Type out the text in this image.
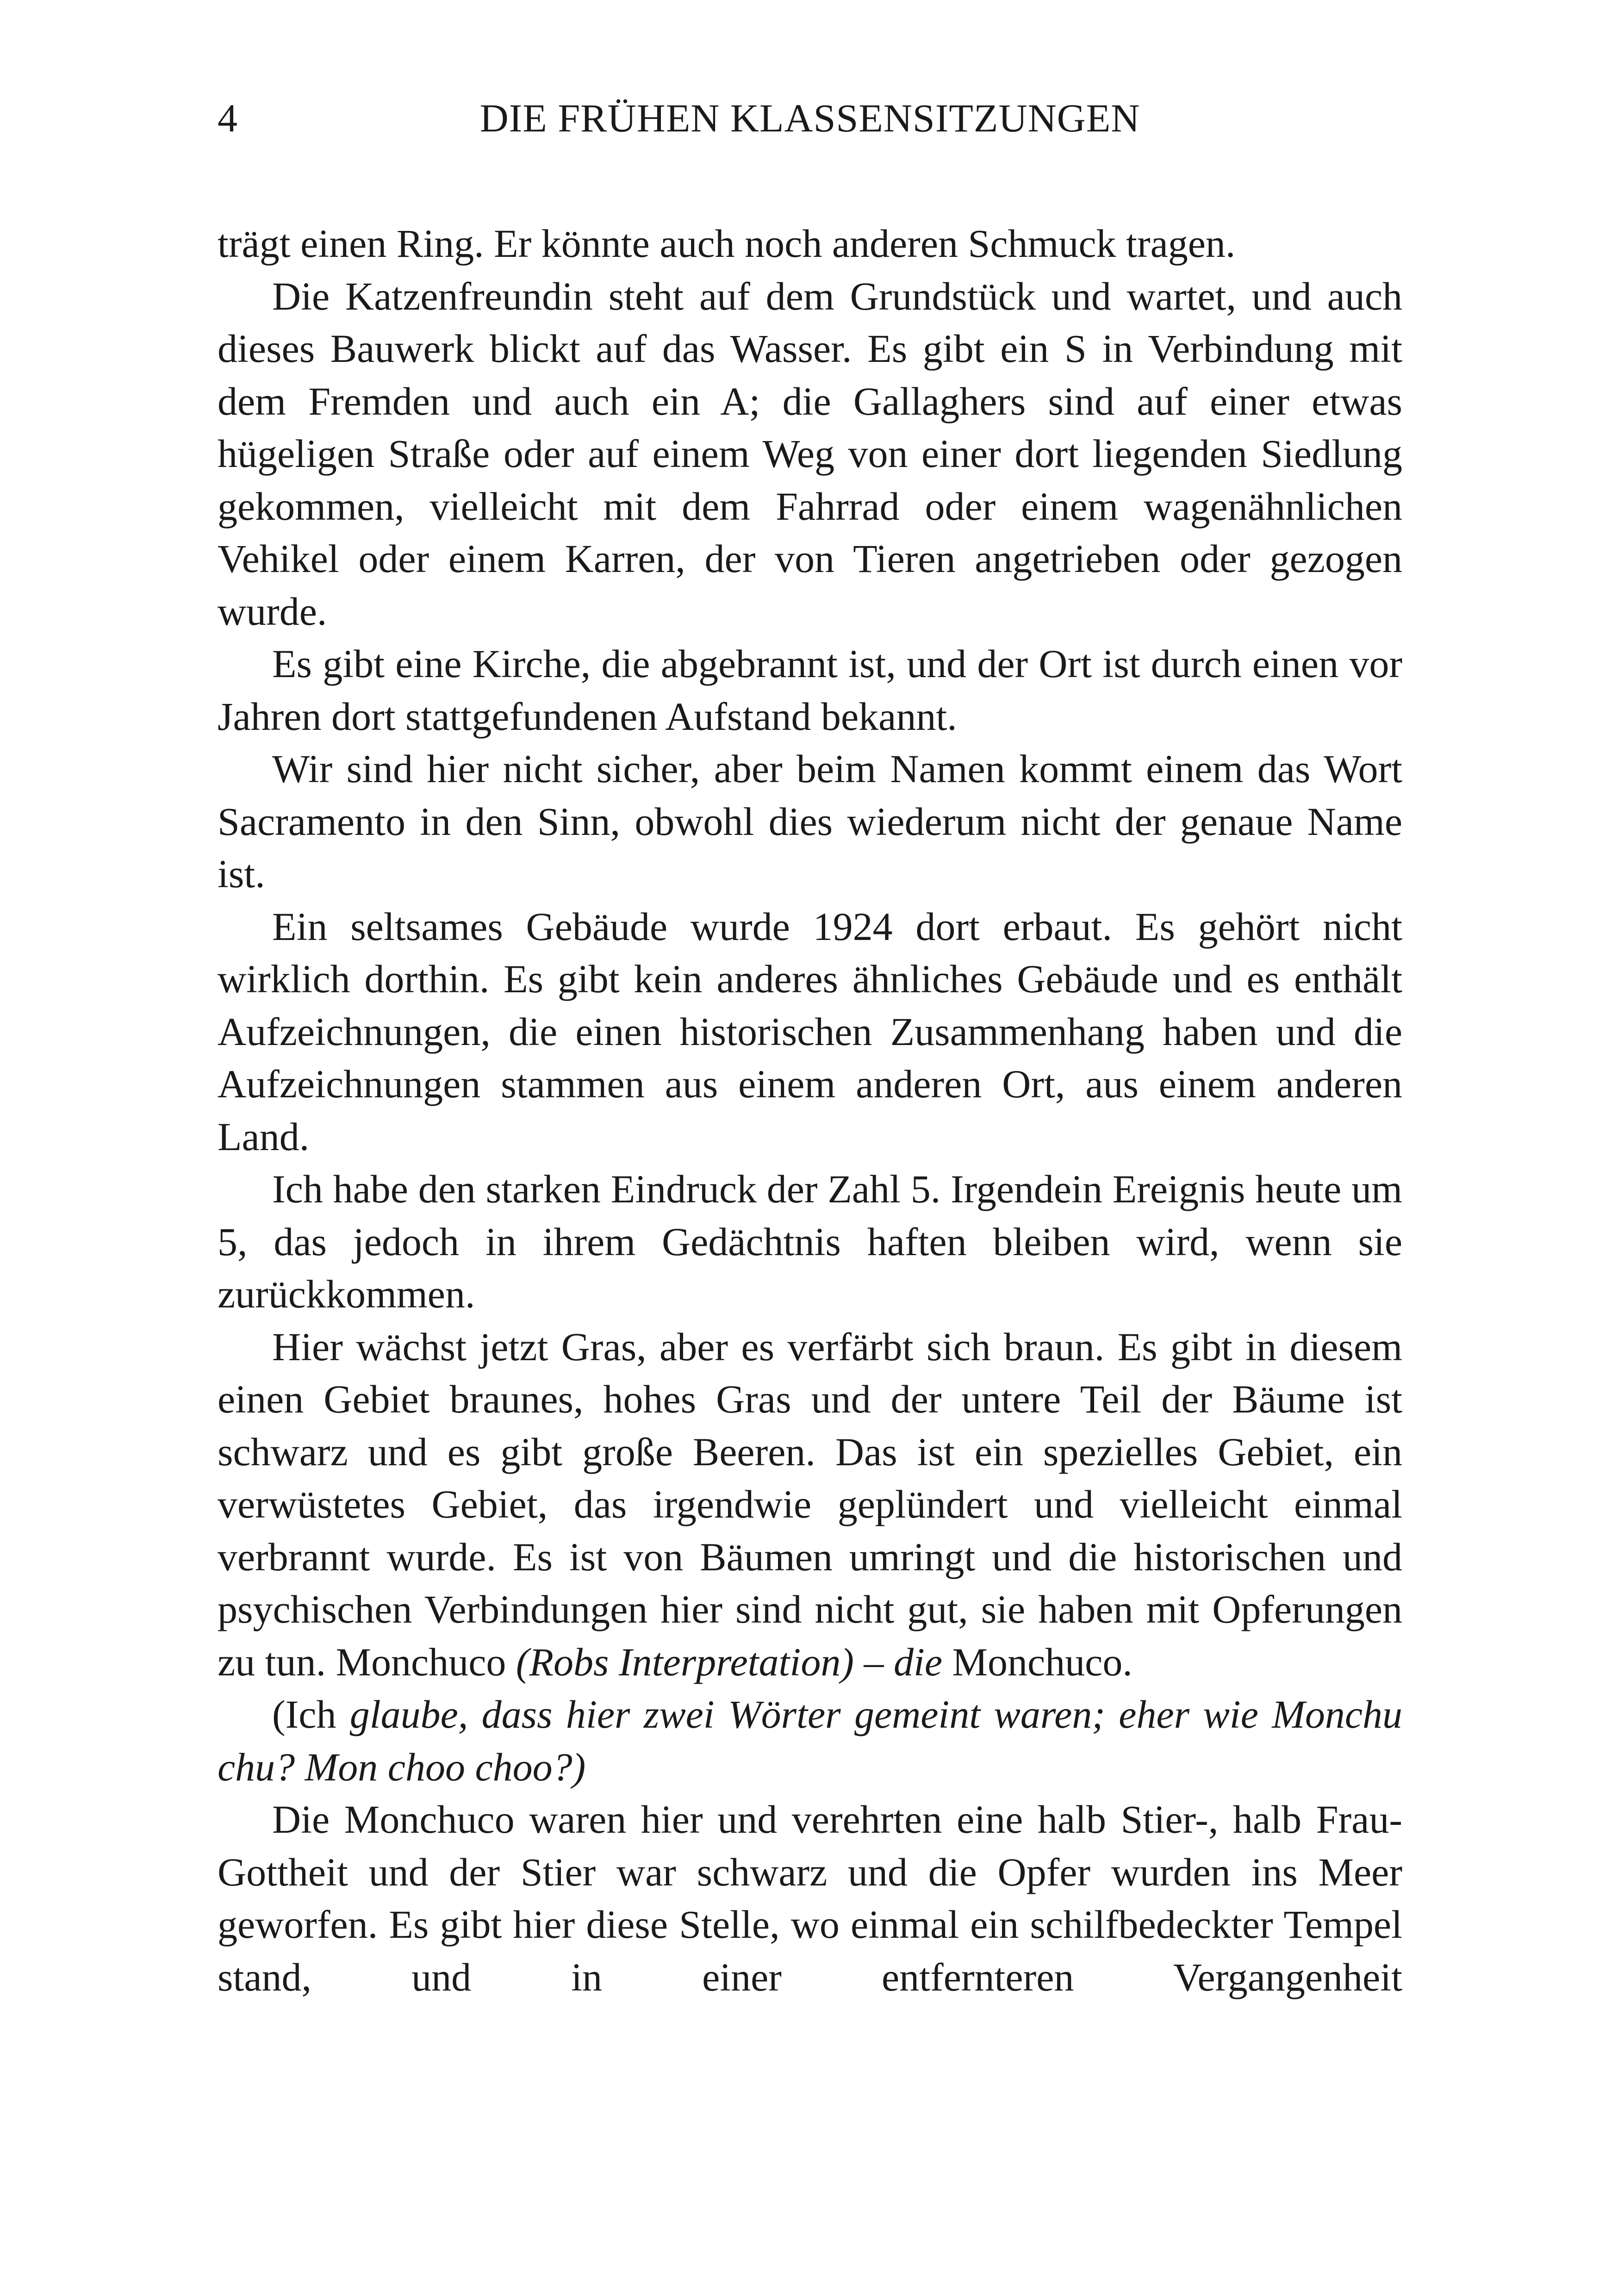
4	DIE FRÜHEN KLASSENSITZUNGEN

trägt einen Ring. Er könnte auch noch anderen Schmuck tragen.

Die Katzenfreundin steht auf dem Grundstück und wartet, und auch dieses Bauwerk blickt auf das Wasser. Es gibt ein S in Verbindung mit dem Fremden und auch ein A; die Gallaghers sind auf einer etwas hügeligen Straße oder auf einem Weg von einer dort liegenden Siedlung gekommen, vielleicht mit dem Fahrrad oder einem wagenähnlichen Vehikel oder einem Karren, der von Tieren angetrieben oder gezogen wurde.

Es gibt eine Kirche, die abgebrannt ist, und der Ort ist durch einen vor Jahren dort stattgefundenen Aufstand bekannt.

Wir sind hier nicht sicher, aber beim Namen kommt einem das Wort Sacramento in den Sinn, obwohl dies wiederum nicht der genaue Name ist.

Ein seltsames Gebäude wurde 1924 dort erbaut. Es gehört nicht wirklich dorthin. Es gibt kein anderes ähnliches Gebäude und es enthält Aufzeichnungen, die einen historischen Zusammenhang haben und die Aufzeichnungen stammen aus einem anderen Ort, aus einem anderen Land.

Ich habe den starken Eindruck der Zahl 5. Irgendein Ereignis heute um 5, das jedoch in ihrem Gedächtnis haften bleiben wird, wenn sie zurückkommen.

Hier wächst jetzt Gras, aber es verfärbt sich braun. Es gibt in diesem einen Gebiet braunes, hohes Gras und der untere Teil der Bäume ist schwarz und es gibt große Beeren. Das ist ein spezielles Gebiet, ein verwüstetes Gebiet, das irgendwie geplündert und vielleicht einmal verbrannt wurde. Es ist von Bäumen umringt und die historischen und psychischen Verbindungen hier sind nicht gut, sie haben mit Opferungen zu tun. Monchuco (Robs Interpretation) – die Monchuco.

(Ich glaube, dass hier zwei Wörter gemeint waren; eher wie Monchu chu? Mon choo choo?)

Die Monchuco waren hier und verehrten eine halb Stier-, halb Frau-Gottheit und der Stier war schwarz und die Opfer wurden ins Meer geworfen. Es gibt hier diese Stelle, wo einmal ein schilfbedeckter Tempel stand, und in einer entfernteren Vergangenheit
